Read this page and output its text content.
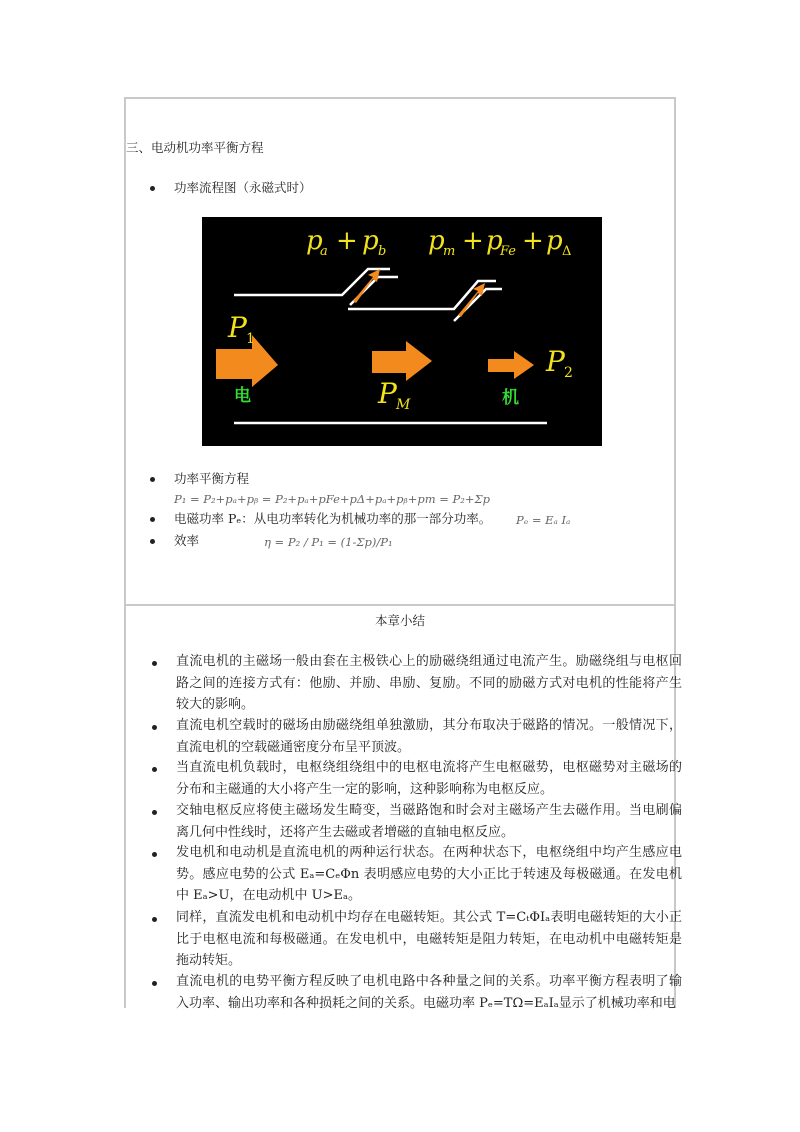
三、电动机功率平衡方程
功率流程图（永磁式时）
p
a + p b p
m + p
Fe + p Δ
P 1
P M
P 2
电	机
功率平衡方程
P₁ = P₂+pₐ+pᵦ = P₂+pₐ+pFe+pΔ+pₐ+pᵦ+pm = P₂+Σp
电磁功率 Pₑ：从电功率转化为机械功率的那一部分功率。 Pₑ = Eₐ Iₐ
效率	η = P₂ / P₁ = (1-Σp)/P₁
本章小结
直流电机的主磁场一般由套在主极铁心上的励磁绕组通过电流产生。励磁绕组与电枢回路之间的连接方式有：他励、并励、串励、复励。不同的励磁方式对电机的性能将产生较大的影响。
直流电机空载时的磁场由励磁绕组单独激励，其分布取决于磁路的情况。一般情况下，直流电机的空载磁通密度分布呈平顶波。
当直流电机负载时，电枢绕组绕组中的电枢电流将产生电枢磁势，电枢磁势对主磁场的分布和主磁通的大小将产生一定的影响，这种影响称为电枢反应。
交轴电枢反应将使主磁场发生畸变，当磁路饱和时会对主磁场产生去磁作用。当电刷偏离几何中性线时，还将产生去磁或者增磁的直轴电枢反应。
发电机和电动机是直流电机的两种运行状态。在两种状态下，电枢绕组中均产生感应电势。感应电势的公式 Eₐ=CₑΦn 表明感应电势的大小正比于转速及每极磁通。在发电机中 Eₐ>U，在电动机中 U>Eₐ。
同样，直流发电机和电动机中均存在电磁转矩。其公式 T=CₜΦIₐ表明电磁转矩的大小正比于电枢电流和每极磁通。在发电机中，电磁转矩是阻力转矩，在电动机中电磁转矩是拖动转矩。
直流电机的电势平衡方程反映了电机电路中各种量之间的关系。功率平衡方程表明了输入功率、输出功率和各种损耗之间的关系。电磁功率 Pₑ=TΩ=EₐIₐ显示了机械功率和电
